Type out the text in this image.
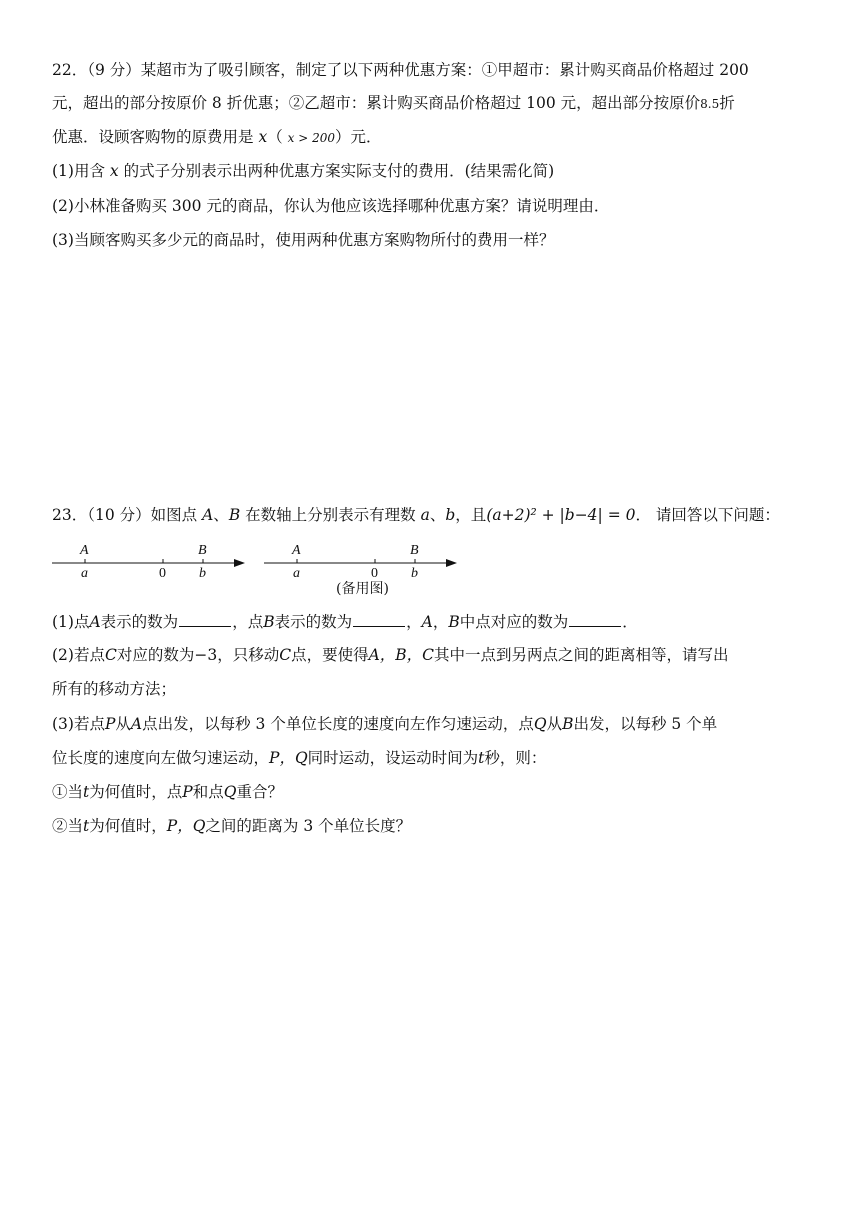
22．（9 分）某超市为了吸引顾客，制定了以下两种优惠方案：①甲超市：累计购买商品价格超过 200
元，超出的部分按原价 8 折优惠；②乙超市：累计购买商品价格超过 100 元，超出部分按原价8.5折
优惠．设顾客购物的原费用是 x（ x > 200）元．
(1)用含 x 的式子分别表示出两种优惠方案实际支付的费用．(结果需化简)
(2)小林准备购买 300 元的商品，你认为他应该选择哪种优惠方案？请说明理由．
(3)当顾客购买多少元的商品时，使用两种优惠方案购物所付的费用一样？
23．（10 分）如图点 A、B 在数轴上分别表示有理数 a、b，且(a+2)² + |b−4| = 0． 请回答以下问题：
A	B
a	0 b
A	B
a	0 b
(备用图)
(1)点A表示的数为	，点B表示的数为	，A，B中点对应的数为	．
(2)若点C对应的数为−3，只移动C点，要使得A，B，C其中一点到另两点之间的距离相等，请写出
所有的移动方法；
(3)若点P从A点出发，以每秒 3 个单位长度的速度向左作匀速运动，点Q从B出发，以每秒 5 个单
位长度的速度向左做匀速运动，P，Q同时运动，设运动时间为t秒，则：
①当t为何值时，点P和点Q重合？
②当t为何值时，P，Q之间的距离为 3 个单位长度？
